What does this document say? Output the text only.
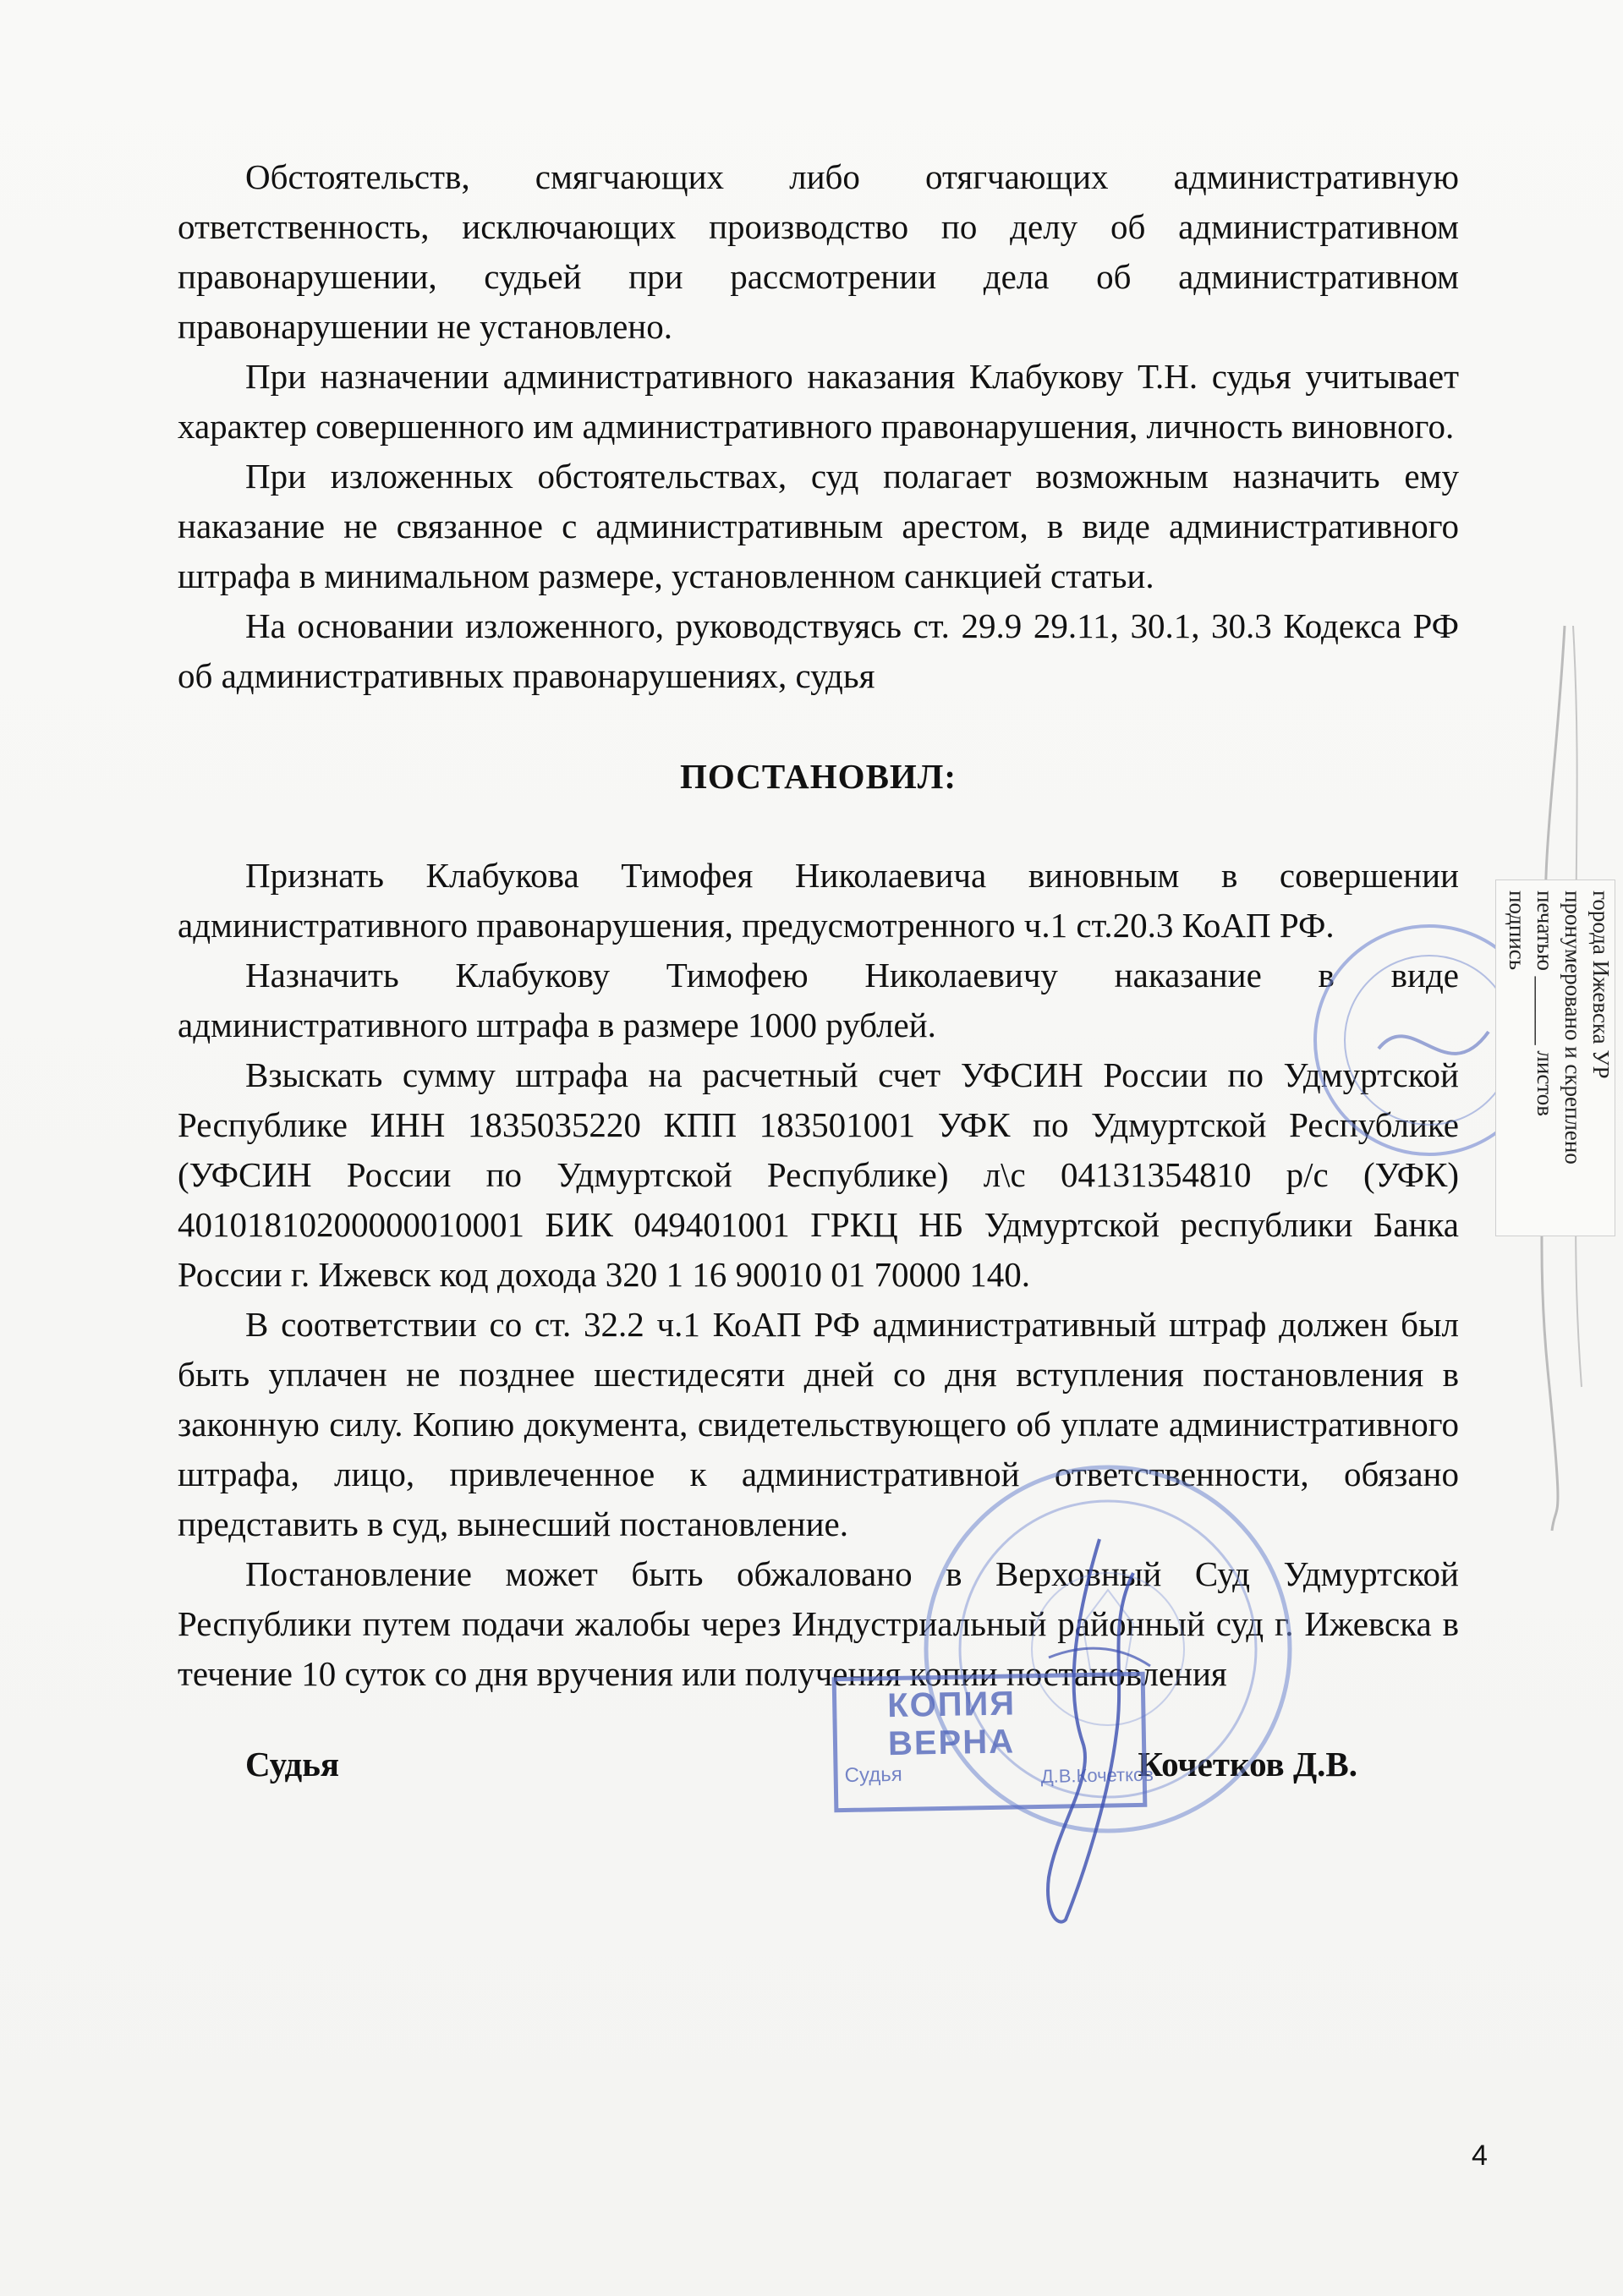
Обстоятельств, смягчающих либо отягчающих административную ответственность, исключающих производство по делу об административном правонарушении, судьей при рассмотрении дела об административном правонарушении не установлено.

При назначении административного наказания Клабукову Т.Н. судья учитывает характер совершенного им административного правонарушения, личность виновного.

При изложенных обстоятельствах, суд полагает возможным назначить ему наказание не связанное с административным арестом, в виде административного штрафа в минимальном размере, установленном санкцией статьи.

На основании изложенного, руководствуясь ст. 29.9 29.11, 30.1, 30.3 Кодекса РФ об административных правонарушениях, судья

ПОСТАНОВИЛ:

Признать Клабукова Тимофея Николаевича виновным в совершении административного правонарушения, предусмотренного ч.1 ст.20.3 КоАП РФ.

Назначить Клабукову Тимофею Николаевичу наказание в виде административного штрафа в размере 1000 рублей.

Взыскать сумму штрафа на расчетный счет УФСИН России по Удмуртской Республике ИНН 1835035220 КПП 183501001 УФК по Удмуртской Республике (УФСИН России по Удмуртской Республике) л\с 04131354810 р/с (УФК) 40101810200000010001 БИК 049401001 ГРКЦ НБ Удмуртской республики Банка России г. Ижевск код дохода 320 1 16 90010 01 70000 140.

В соответствии со ст. 32.2 ч.1 КоАП РФ административный штраф должен был быть уплачен не позднее шестидесяти дней со дня вступления постановления в законную силу. Копию документа, свидетельствующего об уплате административного штрафа, лицо, привлеченное к административной ответственности, обязано представить в суд, вынесший постановление.

Постановление может быть обжаловано в Верховный Суд Удмуртской Республики путем подачи жалобы через Индустриальный районный суд г. Ижевска в течение 10 суток со дня вручения или получения копии постановления

Судья	Кочетков Д.В.
города Ижевска УР
пронумеровано и скреплено
печатью ______ листов
подпись
КОПИЯ ВЕРНА
Судья	Д.В.Кочетков
4
